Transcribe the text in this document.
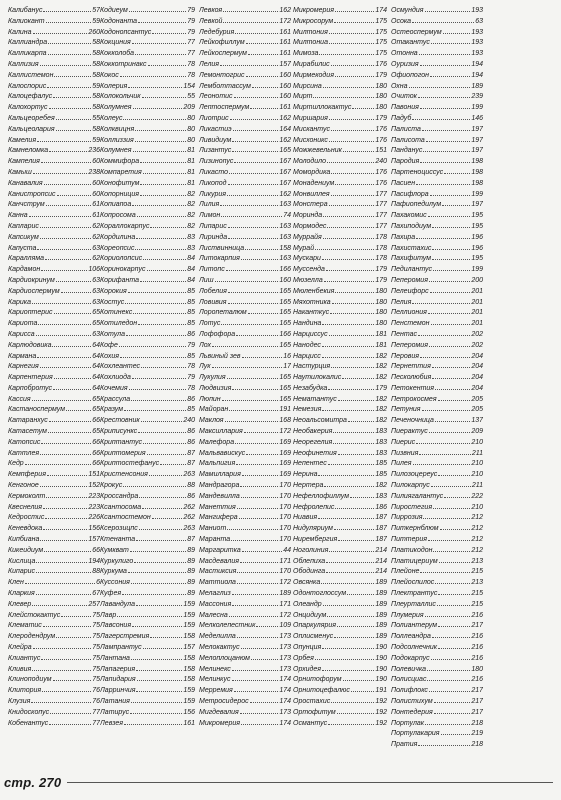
Калибанус	57
Калиокант	59
Калина	260
Каллиандра	58
Калликарпа	58
Каллизия	58
Каллистемон	58
Калоспорис	59
Калоцефалус	58
Калохортус	58
Кальцеоребея	55
Кальцеолария	58
Камелия	59
Камнеломка	236
Кампелия	60
Камыш	238
Канавалия	60
Канистропсис	60
Канчструм	61
Канна	61
Капларис	62
Капсикум	62
Капуста	63
Каралляма	62
Кардамон	106
Кардиокринум	63
Кардиоспермум	63
Карика	63
Кариоптерис	65
Кариота	65
Карисса	63
Карлюдовика	64
Кармана	64
Карнегия	64
Карпентерия	64
Карпобротус	64
Кассия	65
Кастаноспермум	65
Катаранхус	66
Катасетум	65
Катопсис	66
Каттлея	66
Кедр	66
Кемпферия	151
Кенгоное	152
Кермоколт	223
Квеснелия	223
Кедростис	226
Кеневдока	156
Кипбиана	157
Кикеидиум	66
Кислица	194
Кипарис	88
Клен	6
Кларкия	67
Клевер	257
Клейстокактус	75
Клематис	75
Клеродендрум	75
Клейра	75
Клиантус	75
Кливия	75
Клиноподиум	75
Клитория	76
Клузия	76
Книдоскопус	77
Кобенантус	77
Кодиеум	79
Кодонанта	79
Кодонопсантус	79
Кокциния	77
Кокколоба	77
Коккотринакс	78
Кокос	78
Колерия	154
Колокольчик	55
Колумнея	209
Колеус	80
Колквицня	80
Коллиззия	80
Колумнея	81
Коммифора	81
Компаретия	81
Конофитум	81
Копорниция	82
Копиапоа	82
Копросома	82
Кораллокарпус	82
Кордилина	83
Кореопсис	83
Кориолопсис	84
Коринокарпус	84
Корифанта	84
Корокия	85
Костус	85
Котинекс	85
Котиледон	85
Котула	86
Кофе	79
Кохия	85
Кохлеантес	78
Кохлиода	79
Кочемия	78
Крассула	86
Кразум	85
Крестовник	240
Криписункс	86
Криптантус	86
Криптомерия	87
Криптостефанус	87
Кристенсония	263
Крокус	88
Кроссандра	86
Ксантосома	262
Ксантостемон	262
Ксерозицпс	263
Ктенанта	87
Кумкват	89
Куркулиго	89
Куркума	89
Куссония	89
Куфея	89
Лавандула	159
Лавр	159
Лавсония	159
Лагерстремия	158
Лампрантус	157
Лантана	158
Лапагерия	158
Лапидария	158
Ларринчия	159
Латания	159
Латирус	156
Левзея	161
Левкоя	162
Левкой	172
Ледебурия	161
Лейкофиллум	161
Лейкоспермум	161
Лелия	157
Лемонтогрис	160
Лемботтассум	160
Леонотис	160
Лептоспермум	161
Лиотрис	162
Ликастиэ	164
Ливидиум	162
Лизантус	165
Лизинопус	167
Ликасто	167
Ликопод	167
Ликурия	162
Лилия	163
Лимон	74
Липарис	163
Лиринда	163
Листвинница	158
Литокарпия	163
Литопс	166
Лиш	160
Лобелия	165
Ловивия	165
Лоропеталюм	165
Лотус	165
Лофофора	166
Лох	165
Львиный зев	16
Лук	17
Лукулия	165
Людвизия	165
Люпин	165
Майоран	191
Маклоя	168
Максиллария	172
Малефора	169
Мальвавискус	169
Мальпигия	169
Мамиллария	169
Мандрагора	170
Мандевилла	170
Манеттия	170
Мангифера	170
Маниот	170
Маранта	170
Маргаритка	44
Масдевалия	171
Мастиксия	170
Маттиола	172
Мелаглиз	189
Массония	171
Малесна	172
Мелколепестник	109
Меделилла	173
Мелокактус	173
Мелоплоцанюм	173
Мелинекс	173
Мелинкус	174
Мерремия	174
Метросидерос	174
Мигдевалия	173
Микромерия	174
Микромерия	174
Микросорум	175
Милтония	175
Милтониа	175
Мимоза	175
Мирабилис	176
Мирмекодия	179
Мирсина	180
Мирт	180
Миртиллокактус	180
Миршария	179
Мискантус	176
Мисхоникс	176
Можжевельник	151
Молодило	240
Момордика	176
Монадениум	176
Монвиллея	177
Монстера	177
Моринда	177
Мормодес	177
Муррайя	178
Мурай	178
Мускари	178
Муссенда	179
Мюзелла	179
Мюленбекия	180
Мяхотника	180
Наканткус	180
Нандина	180
Нарциссус	181
Нанодес	181
Нарцисс	182
Настурция	182
Наутилокалис	182
Незабудка	179
Нематантус	182
Немезия	182
Неоальсомитра	182
Необакерия	183
Неорегелия	183
Неофинетия	183
Непентес	185
Нерина	185
Нертера	182
Нефеллофиллум	183
Нефролепис	186
Ниавия	187
Нидуляриум	187
Нирембергия	187
Ноголиния	214
Облепиха	214
Ободинга	214
Овсянка	189
Одонтоглоссум	189
Олеандр	189
Онцидиум	189
Опаркулярия	189
Оплисменус	189
Опунция	190
Орбея	190
Орхидея	190
Орнитофорум	190
Орнитоцефалюс	191
Оростахис	192
Ортофитум	192
Османтус	192
Осмундия	193
Осока	63
Остеоспермум	193
Отакантус	193
Отонна	193
Оуризия	194
Офиопогон	194
Охна	189
Очиток	239
Павония	199
Падуб	146
Палиста	197
Палисота	197
Панданус	197
Пародия	198
Партеноциссус	198
Пасиен	198
Пасифлора	199
Пафиопедилум	197
Пахакомис	195
Пахиподиум	195
Пахира	196
Пахистахис	196
Пахифитум	195
Педилантус	199
Пеперомия	200
Пелеифорс	201
Пелия	201
Пеллиония	201
Пенстемон	201
Пентас	202
Пеперомия	202
Перовия	204
Пернеттия	204
Песколюбия	204
Петокентия	204
Петрокосмея	205
Петуния	205
Печеночница	137
Пиерактус	209
Пиерис	210
Пизвния	211
Пилея	210
Пилозоцереус	210
Пилокарпус	211
Пилиягалантус	222
Пиростегия	210
Пиррозия	212
Питкернблюм	212
Питтерия	212
Платикодон	212
Платицериум	213
Плейоне	215
Плейоспилос	213
Плектрантус	215
Плеурталлис	215
Плумерия	216
Полиантерум	217
Поллеандра	216
Подсолнечник	216
Подокарпус	216
Полевичка	180
Полисциас	216
Полифлокс	217
Полистихум	217
Понтедерия	217
Портулак	218
Портулакария	219
Пратия	218
стр. 270
